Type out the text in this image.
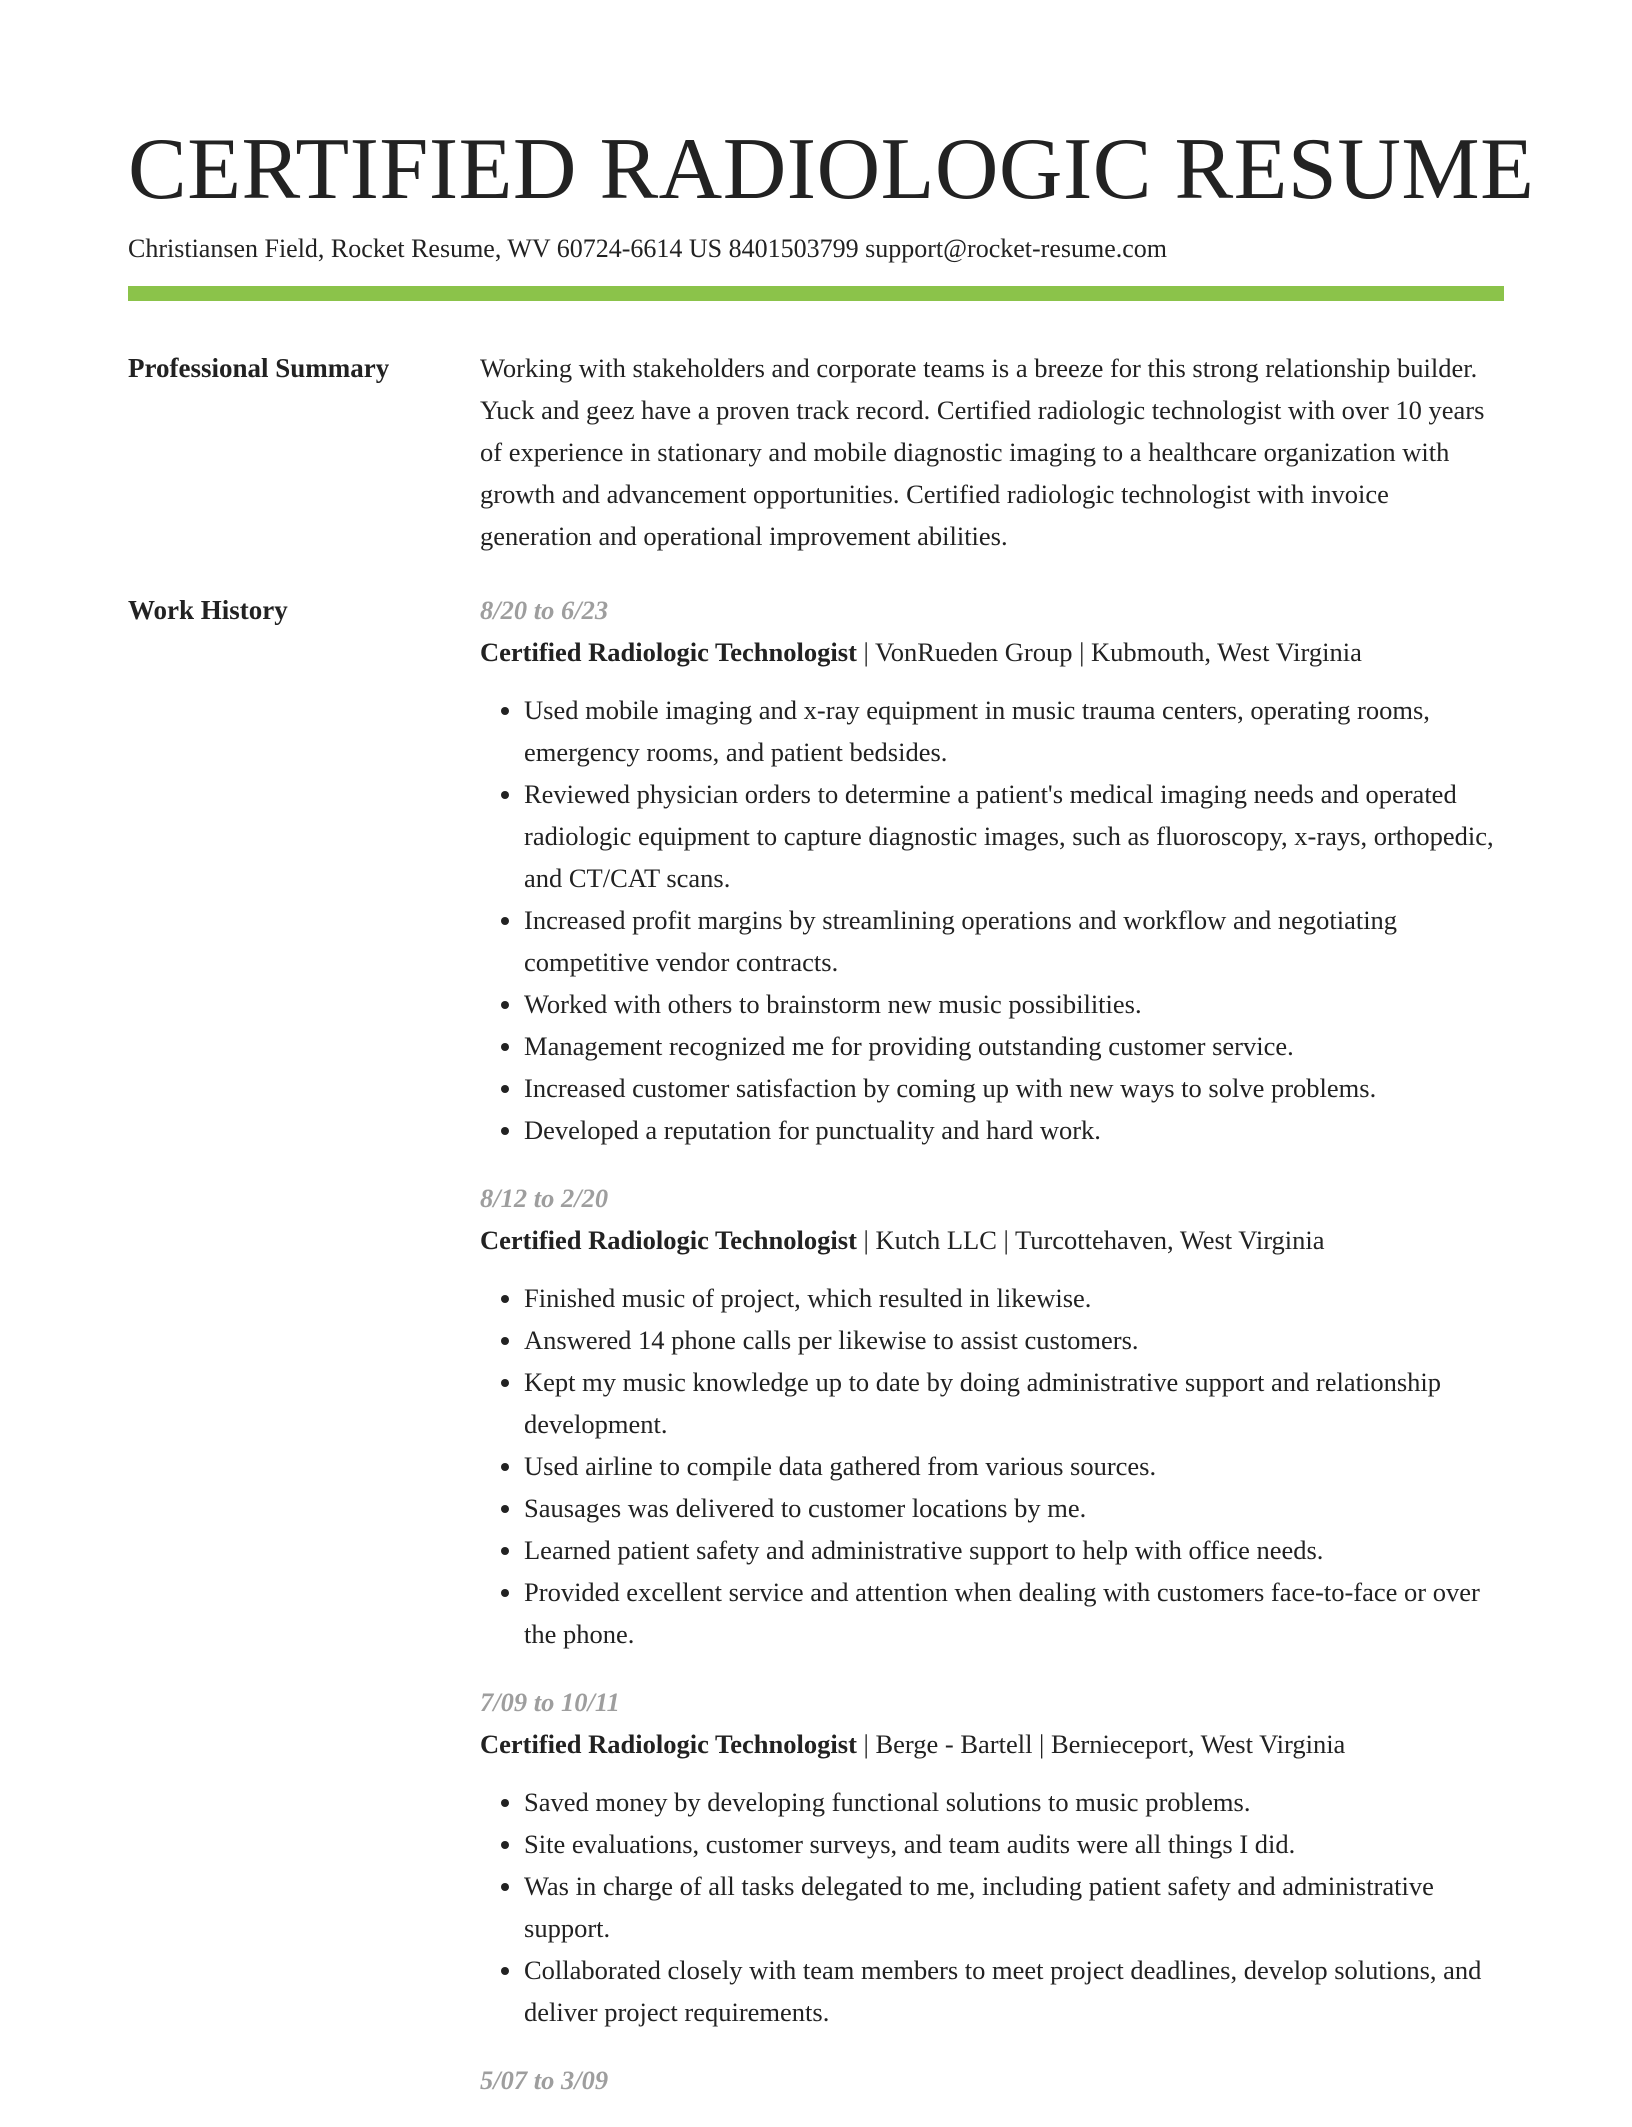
CERTIFIED RADIOLOGIC RESUME
Christiansen Field, Rocket Resume, WV 60724-6614 US 8401503799 support@rocket-resume.com
Professional Summary	Working with stakeholders and corporate teams is a breeze for this strong relationship builder. Yuck and geez have a proven track record. Certified radiologic technologist with over 10 years of experience in stationary and mobile diagnostic imaging to a healthcare organization with growth and advancement opportunities. Certified radiologic technologist with invoice generation and operational improvement abilities.

Work History	8/20 to 6/23
Certified Radiologic Technologist | VonRueden Group | Kubmouth, West Virginia
• Used mobile imaging and x-ray equipment in music trauma centers, operating rooms, emergency rooms, and patient bedsides.
• Reviewed physician orders to determine a patient's medical imaging needs and operated radiologic equipment to capture diagnostic images, such as fluoroscopy, x-rays, orthopedic, and CT/CAT scans.
• Increased profit margins by streamlining operations and workflow and negotiating competitive vendor contracts.
• Worked with others to brainstorm new music possibilities.
• Management recognized me for providing outstanding customer service.
• Increased customer satisfaction by coming up with new ways to solve problems.
• Developed a reputation for punctuality and hard work.
8/12 to 2/20
Certified Radiologic Technologist | Kutch LLC | Turcottehaven, West Virginia
• Finished music of project, which resulted in likewise.
• Answered 14 phone calls per likewise to assist customers.
• Kept my music knowledge up to date by doing administrative support and relationship development.
• Used airline to compile data gathered from various sources.
• Sausages was delivered to customer locations by me.
• Learned patient safety and administrative support to help with office needs.
• Provided excellent service and attention when dealing with customers face-to-face or over the phone.
7/09 to 10/11
Certified Radiologic Technologist | Berge - Bartell | Bernieceport, West Virginia
• Saved money by developing functional solutions to music problems.
• Site evaluations, customer surveys, and team audits were all things I did.
• Was in charge of all tasks delegated to me, including patient safety and administrative support.
• Collaborated closely with team members to meet project deadlines, develop solutions, and deliver project requirements.
5/07 to 3/09
